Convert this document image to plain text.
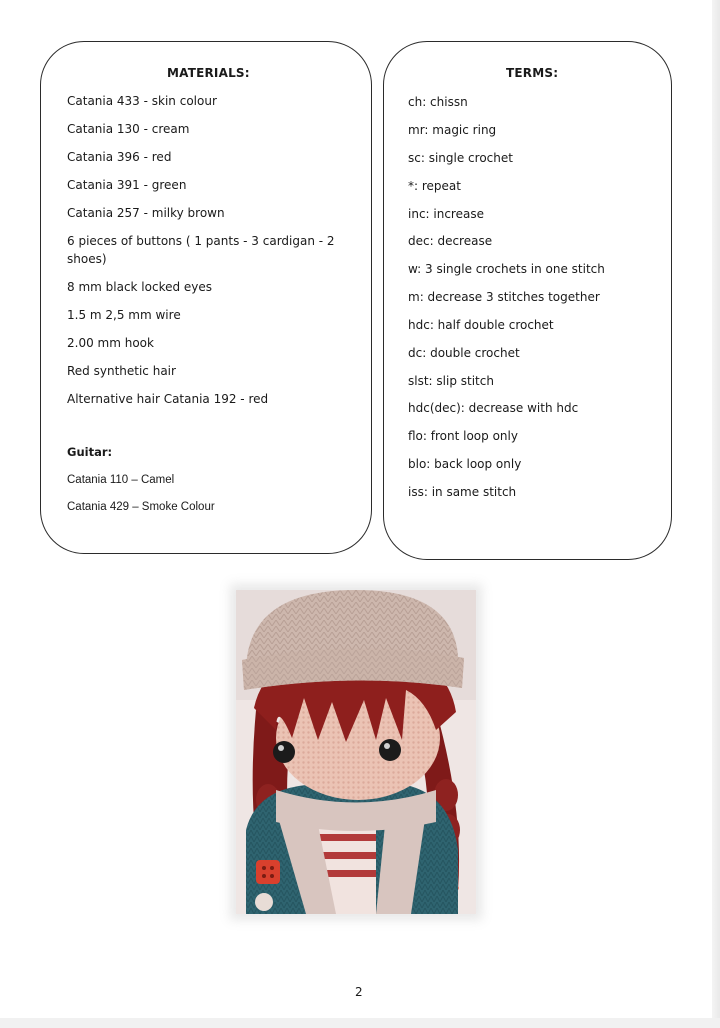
MATERIALS:
Catania 433 - skin colour
Catania 130 - cream
Catania 396 - red
Catania 391 - green
Catania 257 - milky brown
6 pieces of buttons ( 1 pants - 3 cardigan - 2 shoes)
8 mm black locked eyes
1.5 m 2,5 mm wire
2.00 mm hook
Red synthetic hair
Alternative hair Catania 192 - red
Guitar:
Catania 110 – Camel
Catania 429 – Smoke Colour
TERMS:
ch: chissn
mr: magic ring
sc: single crochet
*: repeat
inc: increase
dec: decrease
w: 3 single crochets in one stitch
m: decrease 3 stitches together
hdc: half double crochet
dc: double crochet
slst: slip stitch
hdc(dec): decrease with hdc
flo: front loop only
blo: back loop only
iss: in same stitch
2
